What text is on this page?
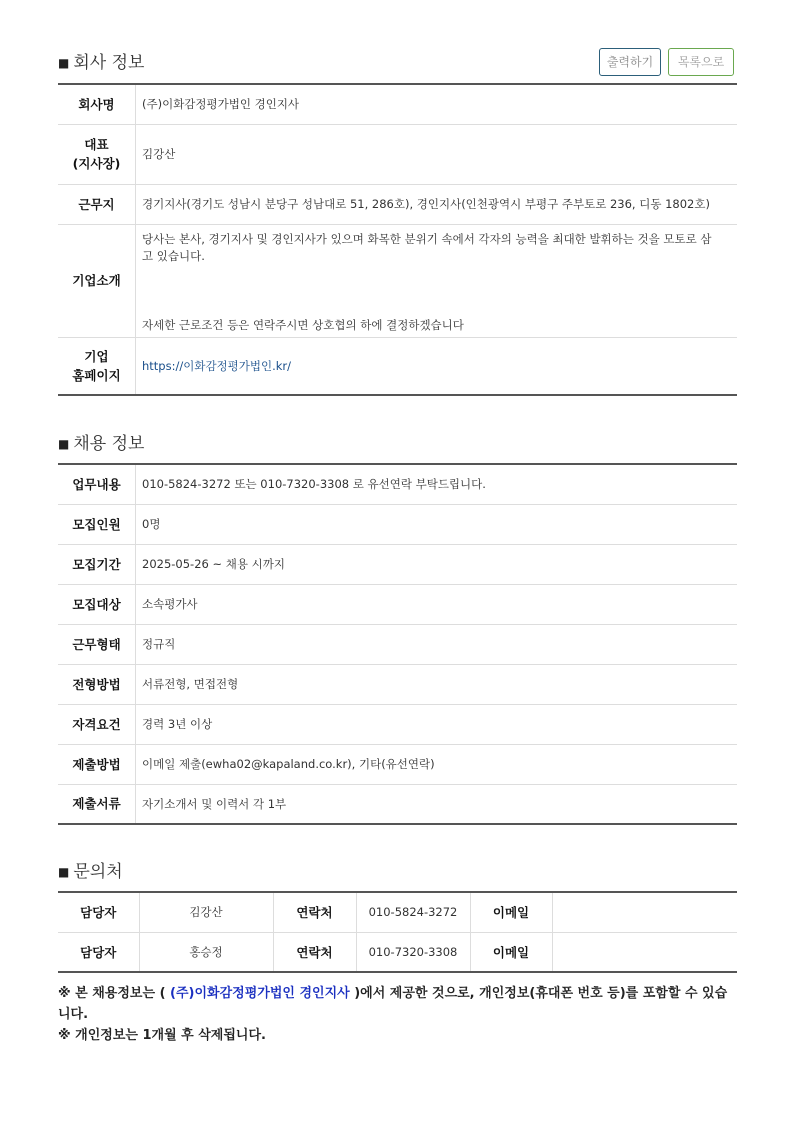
■ 회사 정보	출력하기	목록으로
회사명	(주)이화감정평가법인 경인지사
대표
(지사장)	김강산
근무지	경기지사(경기도 성남시 분당구 성남대로 51, 286호), 경인지사(인천광역시 부평구 주부토로 236, 디동 1802호)
기업소개	당사는 본사, 경기지사 및 경인지사가 있으며 화목한 분위기 속에서 각자의 능력을 최대한 발휘하는 것을 모토로 삼
고 있습니다.
자세한 근로조건 등은 연락주시면 상호협의 하에 결정하겠습니다

기업
홈페이지	https://이화감정평가법인.kr/
■ 채용 정보
업무내용	010-5824-3272 또는 010-7320-3308 로 유선연락 부탁드립니다.
모집인원	0명
모집기간	2025-05-26 ~ 채용 시까지
모집대상	소속평가사
근무형태	정규직
전형방법	서류전형, 면접전형
자격요건	경력 3년 이상
제출방법	이메일 제출(ewha02@kapaland.co.kr), 기타(유선연락)
제출서류	자기소개서 및 이력서 각 1부
■ 문의처
담당자	김강산	연락처	010-5824-3272	이메일	
담당자	홍승정	연락처	010-7320-3308	이메일	
※ 본 채용정보는 ( (주)이화감정평가법인 경인지사 )에서 제공한 것으로, 개인정보(휴대폰 번호 등)를 포함할 수 있습니다.
※ 개인정보는 1개월 후 삭제됩니다.
